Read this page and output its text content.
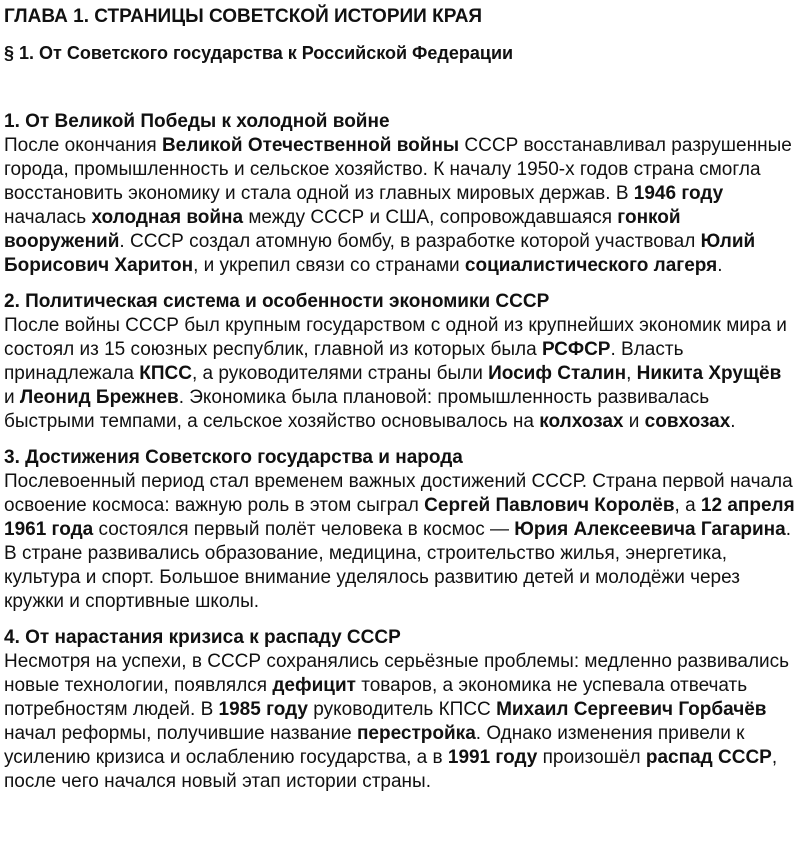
ГЛАВА 1. СТРАНИЦЫ СОВЕТСКОЙ ИСТОРИИ КРАЯ
§ 1. От Советского государства к Российской Федерации
1. От Великой Победы к холодной войне

После окончания Великой Отечественной войны СССР восстанавливал разрушенные города, промышленность и сельское хозяйство. К началу 1950-х годов страна смогла восстановить экономику и стала одной из главных мировых держав. В 1946 году началась холодная война между СССР и США, сопровождавшаяся гонкой вооружений. СССР создал атомную бомбу, в разработке которой участвовал Юлий Борисович Харитон, и укрепил связи со странами социалистического лагеря.

2. Политическая система и особенности экономики СССР

После войны СССР был крупным государством с одной из крупнейших экономик мира и состоял из 15 союзных республик, главной из которых была РСФСР. Власть принадлежала КПСС, а руководителями страны были Иосиф Сталин, Никита Хрущёв и Леонид Брежнев. Экономика была плановой: промышленность развивалась быстрыми темпами, а сельское хозяйство основывалось на колхозах и совхозах.

3. Достижения Советского государства и народа

Послевоенный период стал временем важных достижений СССР. Страна первой начала освоение космоса: важную роль в этом сыграл Сергей Павлович Королёв, а 12 апреля 1961 года состоялся первый полёт человека в космос — Юрия Алексеевича Гагарина. В стране развивались образование, медицина, строительство жилья, энергетика, культура и спорт. Большое внимание уделялось развитию детей и молодёжи через кружки и спортивные школы.

4. От нарастания кризиса к распаду СССР

Несмотря на успехи, в СССР сохранялись серьёзные проблемы: медленно развивались новые технологии, появлялся дефицит товаров, а экономика не успевала отвечать потребностям людей. В 1985 году руководитель КПСС Михаил Сергеевич Горбачёв начал реформы, получившие название перестройка. Однако изменения привели к усилению кризиса и ослаблению государства, а в 1991 году произошёл распад СССР, после чего начался новый этап истории страны.
